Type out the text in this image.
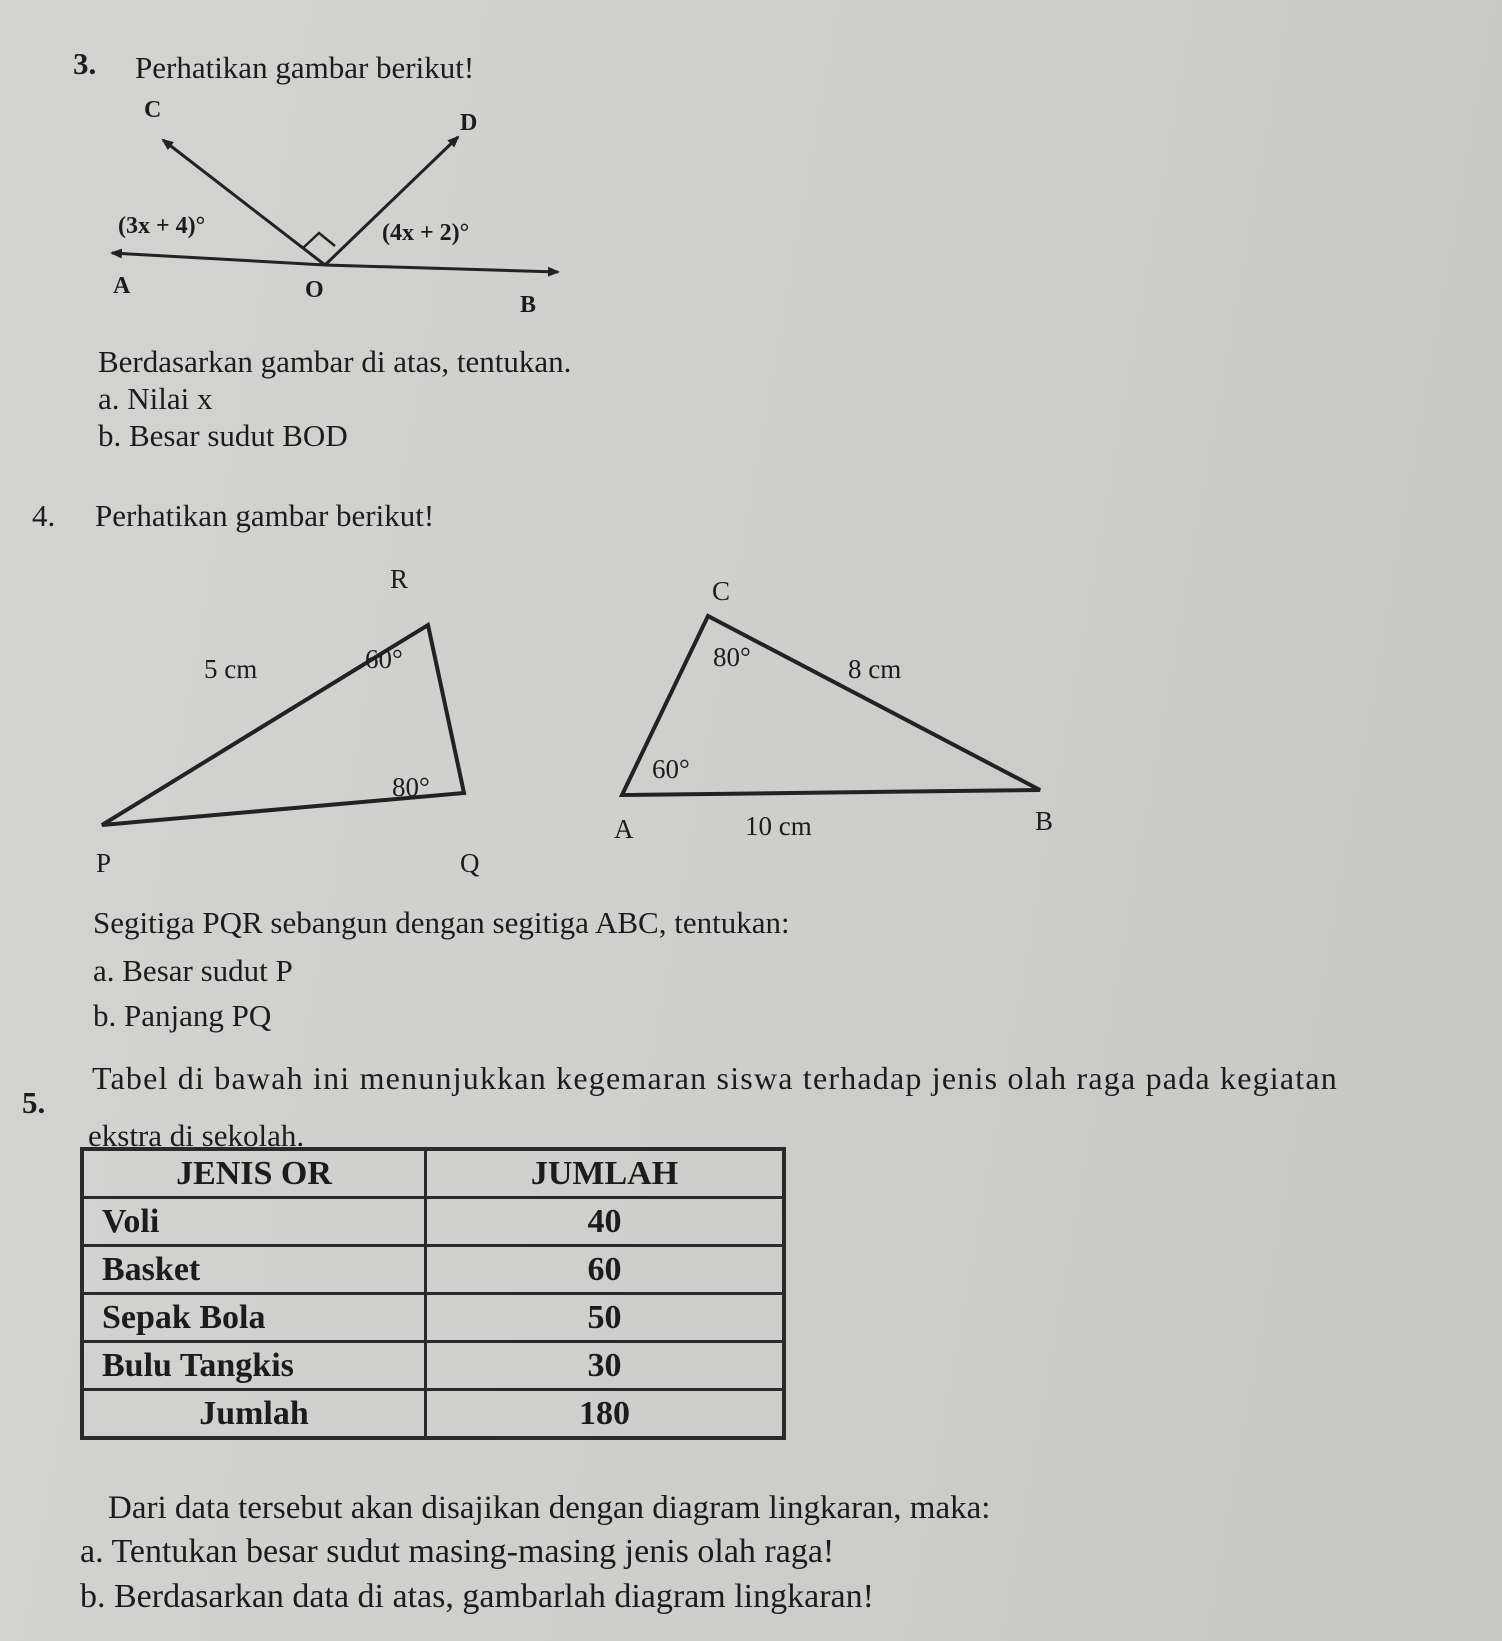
3. Perhatikan gambar berikut!
C	D
(3x + 4)°	(4x + 2)°
A	O
B
Berdasarkan gambar di atas, tentukan.
a. Nilai x
b. Besar sudut BOD
4. Perhatikan gambar berikut!
R
5 cm	60°
80°
P	Q
C
80°	8 cm
60°
A	10 cm	B
Segitiga PQR sebangun dengan segitiga ABC, tentukan:
a. Besar sudut P
b. Panjang PQ
5.
Tabel di bawah ini menunjukkan kegemaran siswa terhadap jenis olah raga pada kegiatan
ekstra di sekolah.
JENIS OR	JUMLAH
Voli	40
Basket	60
Sepak Bola	50
Bulu Tangkis	30
Jumlah	180
Dari data tersebut akan disajikan dengan diagram lingkaran, maka:
a. Tentukan besar sudut masing-masing jenis olah raga!
b. Berdasarkan data di atas, gambarlah diagram lingkaran!
